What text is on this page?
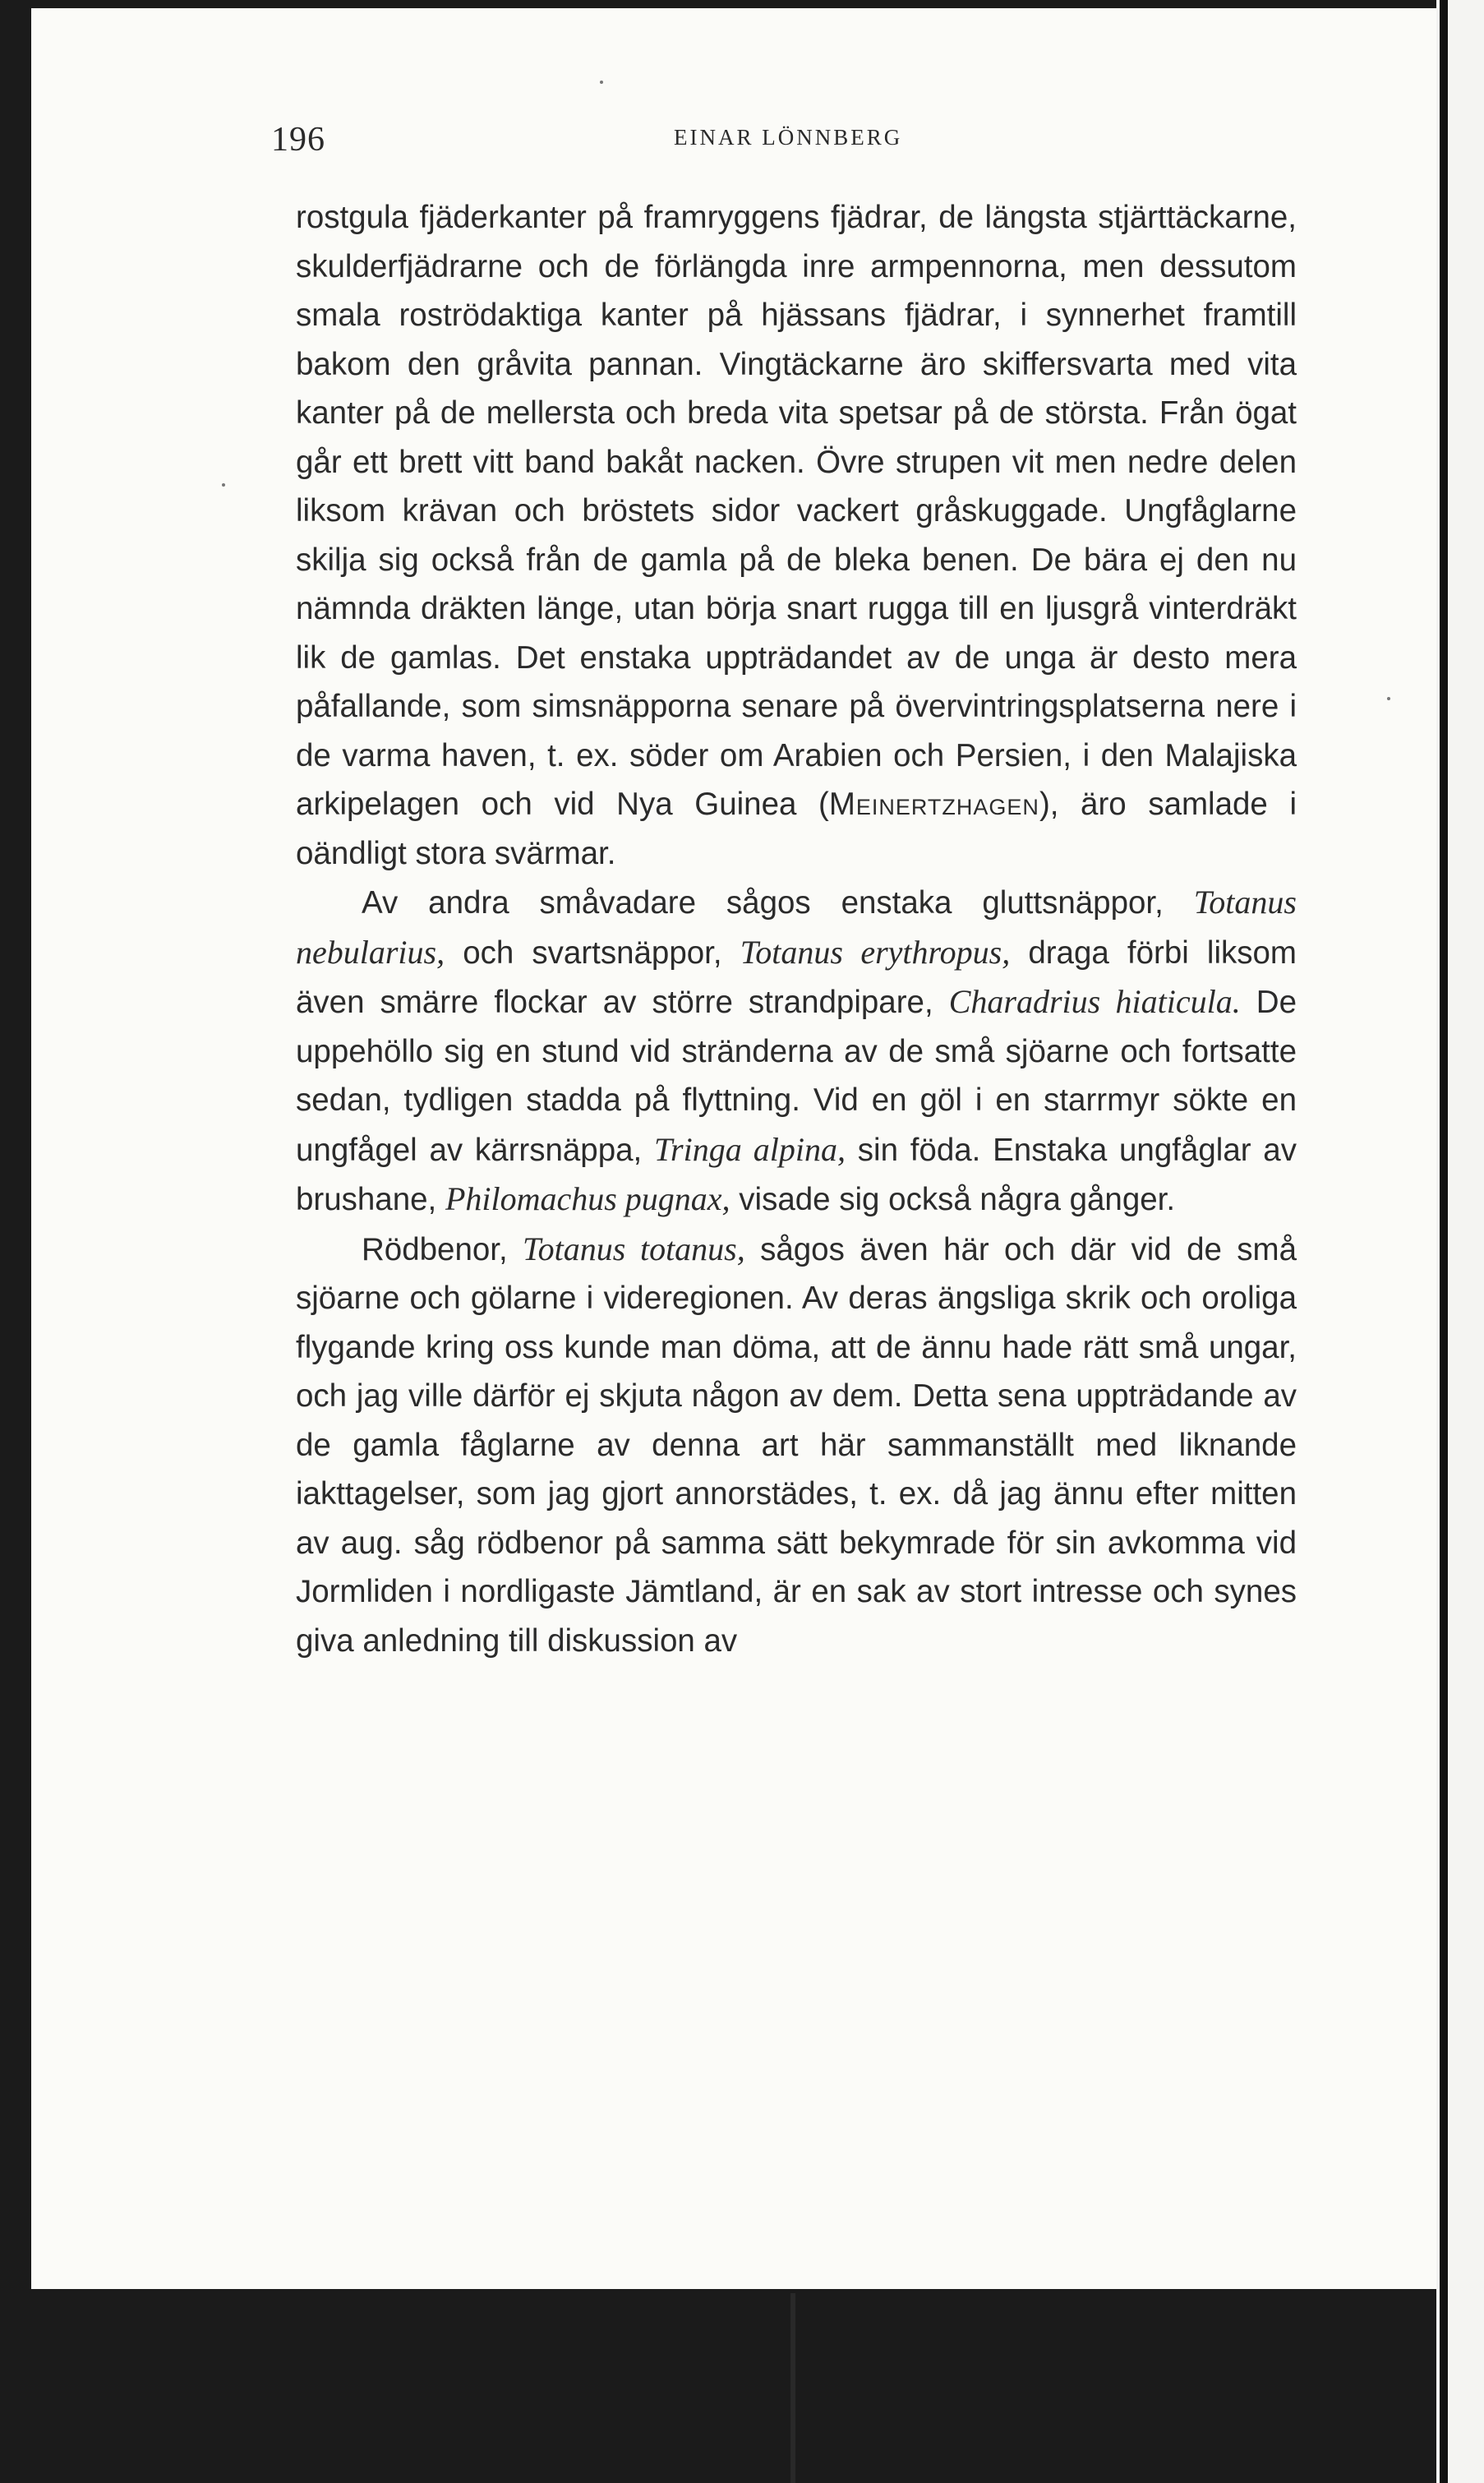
196	EINAR LÖNNBERG

rostgula fjäderkanter på framryggens fjädrar, de längsta stjärttäckarne, skulderfjädrarne och de förlängda inre armpennorna, men dessutom smala roströdaktiga kanter på hjässans fjädrar, i synnerhet framtill bakom den gråvita pannan. Vingtäckarne äro skiffersvarta med vita kanter på de mellersta och breda vita spetsar på de största. Från ögat går ett brett vitt band bakåt nacken. Övre strupen vit men nedre delen liksom krävan och bröstets sidor vackert gråskuggade. Ungfåglarne skilja sig också från de gamla på de bleka benen. De bära ej den nu nämnda dräkten länge, utan börja snart rugga till en ljusgrå vinterdräkt lik de gamlas. Det enstaka uppträdandet av de unga är desto mera påfallande, som simsnäpporna senare på övervintringsplatserna nere i de varma haven, t. ex. söder om Arabien och Persien, i den Malajiska arkipelagen och vid Nya Guinea (Meinertzhagen), äro samlade i oändligt stora svärmar.

Av andra småvadare sågos enstaka gluttsnäppor, Totanus nebularius, och svartsnäppor, Totanus erythropus, draga förbi liksom även smärre flockar av större strandpipare, Charadrius hiaticula. De uppehöllo sig en stund vid stränderna av de små sjöarne och fortsatte sedan, tydligen stadda på flyttning. Vid en göl i en starrmyr sökte en ungfågel av kärrsnäppa, Tringa alpina, sin föda. Enstaka ungfåglar av brushane, Philomachus pugnax, visade sig också några gånger.

Rödbenor, Totanus totanus, sågos även här och där vid de små sjöarne och gölarne i videregionen. Av deras ängsliga skrik och oroliga flygande kring oss kunde man döma, att de ännu hade rätt små ungar, och jag ville därför ej skjuta någon av dem. Detta sena uppträdande av de gamla fåglarne av denna art här sammanställt med liknande iakttagelser, som jag gjort annorstädes, t. ex. då jag ännu efter mitten av aug. såg rödbenor på samma sätt bekymrade för sin avkomma vid Jormliden i nordligaste Jämtland, är en sak av stort intresse och synes giva anledning till diskussion av
